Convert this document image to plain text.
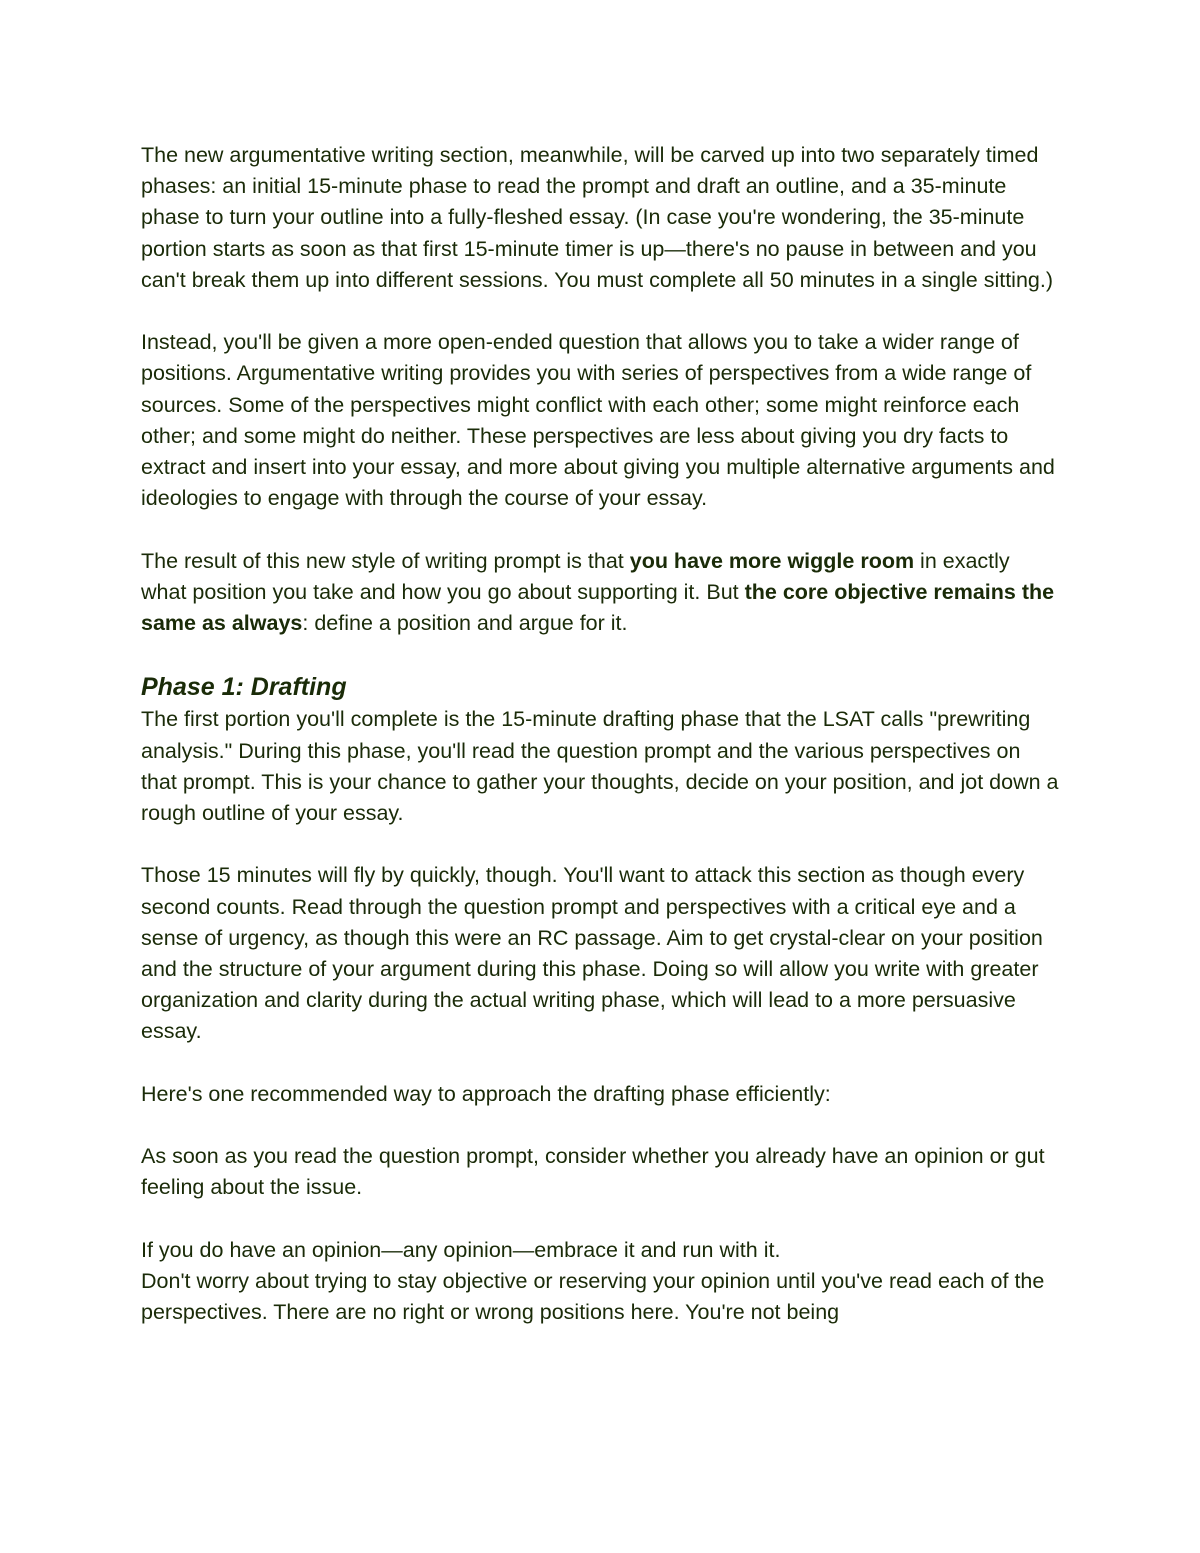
The new argumentative writing section, meanwhile, will be carved up into two separately timed phases: an initial 15-minute phase to read the prompt and draft an outline, and a 35-minute phase to turn your outline into a fully-fleshed essay. (In case you're wondering, the 35-minute portion starts as soon as that first 15-minute timer is up—there's no pause in between and you can't break them up into different sessions. You must complete all 50 minutes in a single sitting.)

Instead, you'll be given a more open-ended question that allows you to take a wider range of positions. Argumentative writing provides you with series of perspectives from a wide range of sources. Some of the perspectives might conflict with each other; some might reinforce each other; and some might do neither. These perspectives are less about giving you dry facts to extract and insert into your essay, and more about giving you multiple alternative arguments and ideologies to engage with through the course of your essay.

The result of this new style of writing prompt is that you have more wiggle room in exactly what position you take and how you go about supporting it. But the core objective remains the same as always: define a position and argue for it.

Phase 1: Drafting

The first portion you'll complete is the 15-minute drafting phase that the LSAT calls "prewriting analysis." During this phase, you'll read the question prompt and the various perspectives on that prompt. This is your chance to gather your thoughts, decide on your position, and jot down a rough outline of your essay.

Those 15 minutes will fly by quickly, though. You'll want to attack this section as though every second counts. Read through the question prompt and perspectives with a critical eye and a sense of urgency, as though this were an RC passage. Aim to get crystal-clear on your position and the structure of your argument during this phase. Doing so will allow you write with greater organization and clarity during the actual writing phase, which will lead to a more persuasive essay.

Here's one recommended way to approach the drafting phase efficiently:

As soon as you read the question prompt, consider whether you already have an opinion or gut feeling about the issue.

If you do have an opinion—any opinion—embrace it and run with it.

Don't worry about trying to stay objective or reserving your opinion until you've read each of the perspectives. There are no right or wrong positions here. You're not being
